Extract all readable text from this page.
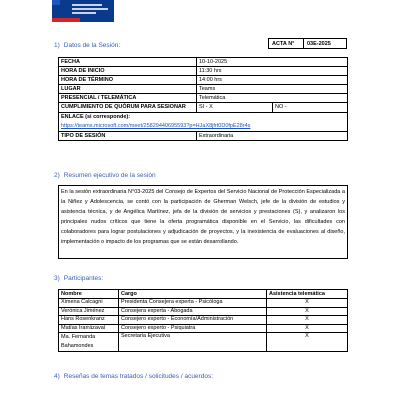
ACTA N°	03E-2025
1) Datos de la Sesión:
FECHA	10-10-2025	
HORA DE INICIO	11:30 hrs	
HORA DE TÉRMINO	14:00 hrs	
LUGAR	Teams	
PRESENCIAL / TELEMÁTICA	Telemática	
CUMPLIMIENTO DE QUÓRUM PARA SESIONAR	SI - X	NO -

ENLACE (si corresponde):
https://teams.microsoft.com/meet/25829440695593?p=HJaX8jfrt0D0fpE28r4s		

TIPO DE SESIÓN	Extraordinaria	
2) Resumen ejecutivo de la sesión
En la sesión extraordinaria N°03-2025 del Consejo de Expertos del Servicio Nacional de Protección Especializada a la Niñez y Adolescencia, se contó con la participación de Gherman Welsch, jefe de la división de estudios y asistencia técnica, y de Angélica Martínez, jefa de la división de servicios y prestaciones (S), y analizaron los principales nudos críticos que tiene la oferta programática disponible en el Servicio, las dificultades con colaboradores para lograr postulaciones y adjudicación de proyectos, y la inexistencia de evaluaciones al diseño, implementación o impacto de los programas que se están desarrollando.
3) Participantes:
Nombre	Cargo	Asistencia telemática
Ximena Calcagni	Presidenta Consejera experta - Psicóloga	X
Verónica Jiménez	Consejera experta - Abogada	X
Hans Rosenkranz	Consejero experto - Economía/Administración	X
Matías Irarrázaval	Consejero experto - Psiquiatra	X
Ma. Fernanda Bahamondes	Secretaria Ejecutiva	X
4) Reseñas de temas tratados / solicitudes / acuerdos:
